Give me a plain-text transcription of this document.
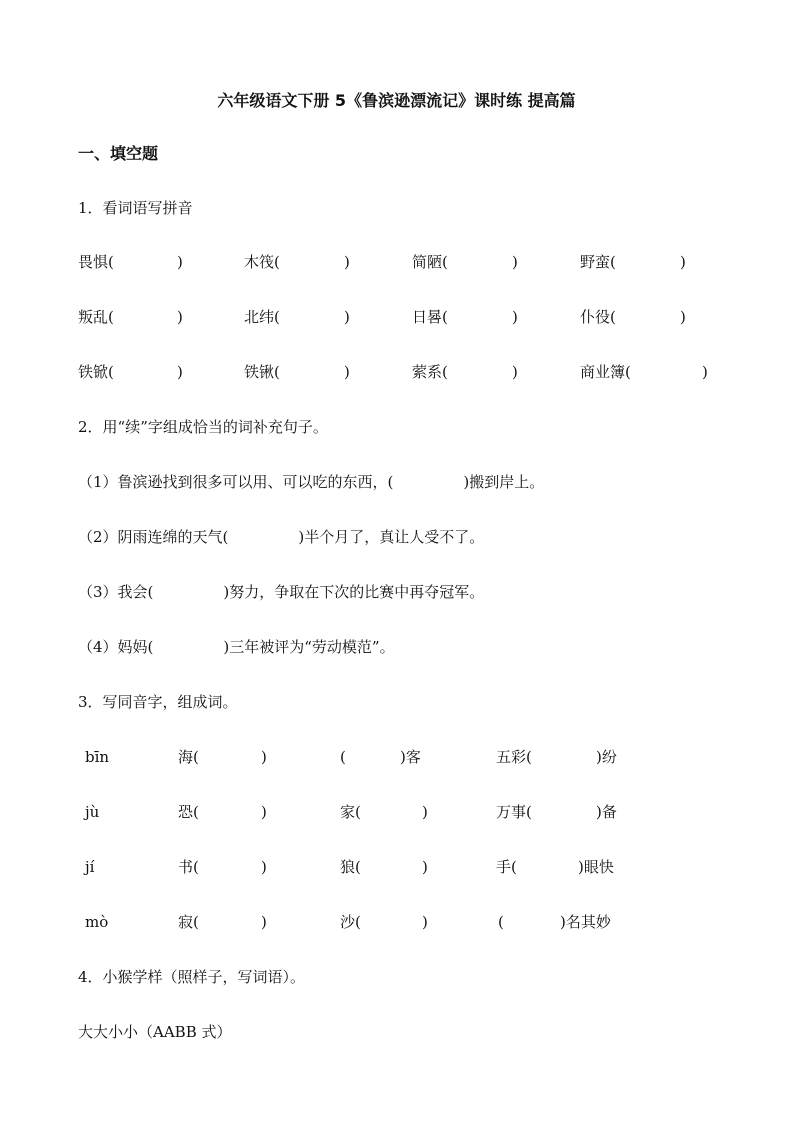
六年级语文下册 5《鲁滨逊漂流记》课时练 提高篇
一、填空题
1．看词语写拼音
畏惧(	)	木筏(	)	简陋(	)	野蛮(	)
叛乱(	)	北纬(	)	日晷(	)	仆役(	)
铁锨(	)	铁锹(	)	萦系(	)	商业簿(	)
2．用“续”字组成恰当的词补充句子。
（1）鲁滨逊找到很多可以用、可以吃的东西，(	)搬到岸上。
（2）阴雨连绵的天气(	)半个月了，真让人受不了。
（3）我会(	)努力，争取在下次的比赛中再夺冠军。
（4）妈妈(	)三年被评为“劳动模范”。
3．写同音字，组成词。
bīn	海(	)	(	)客	五彩(	)纷
jù	恐(	)	家(	)	万事(	)备
jí	书(	)	狼(	)	手(	)眼快
mò	寂(	)	沙(	)	(	)名其妙
4．小猴学样（照样子，写词语）。
大大小小（AABB 式）
